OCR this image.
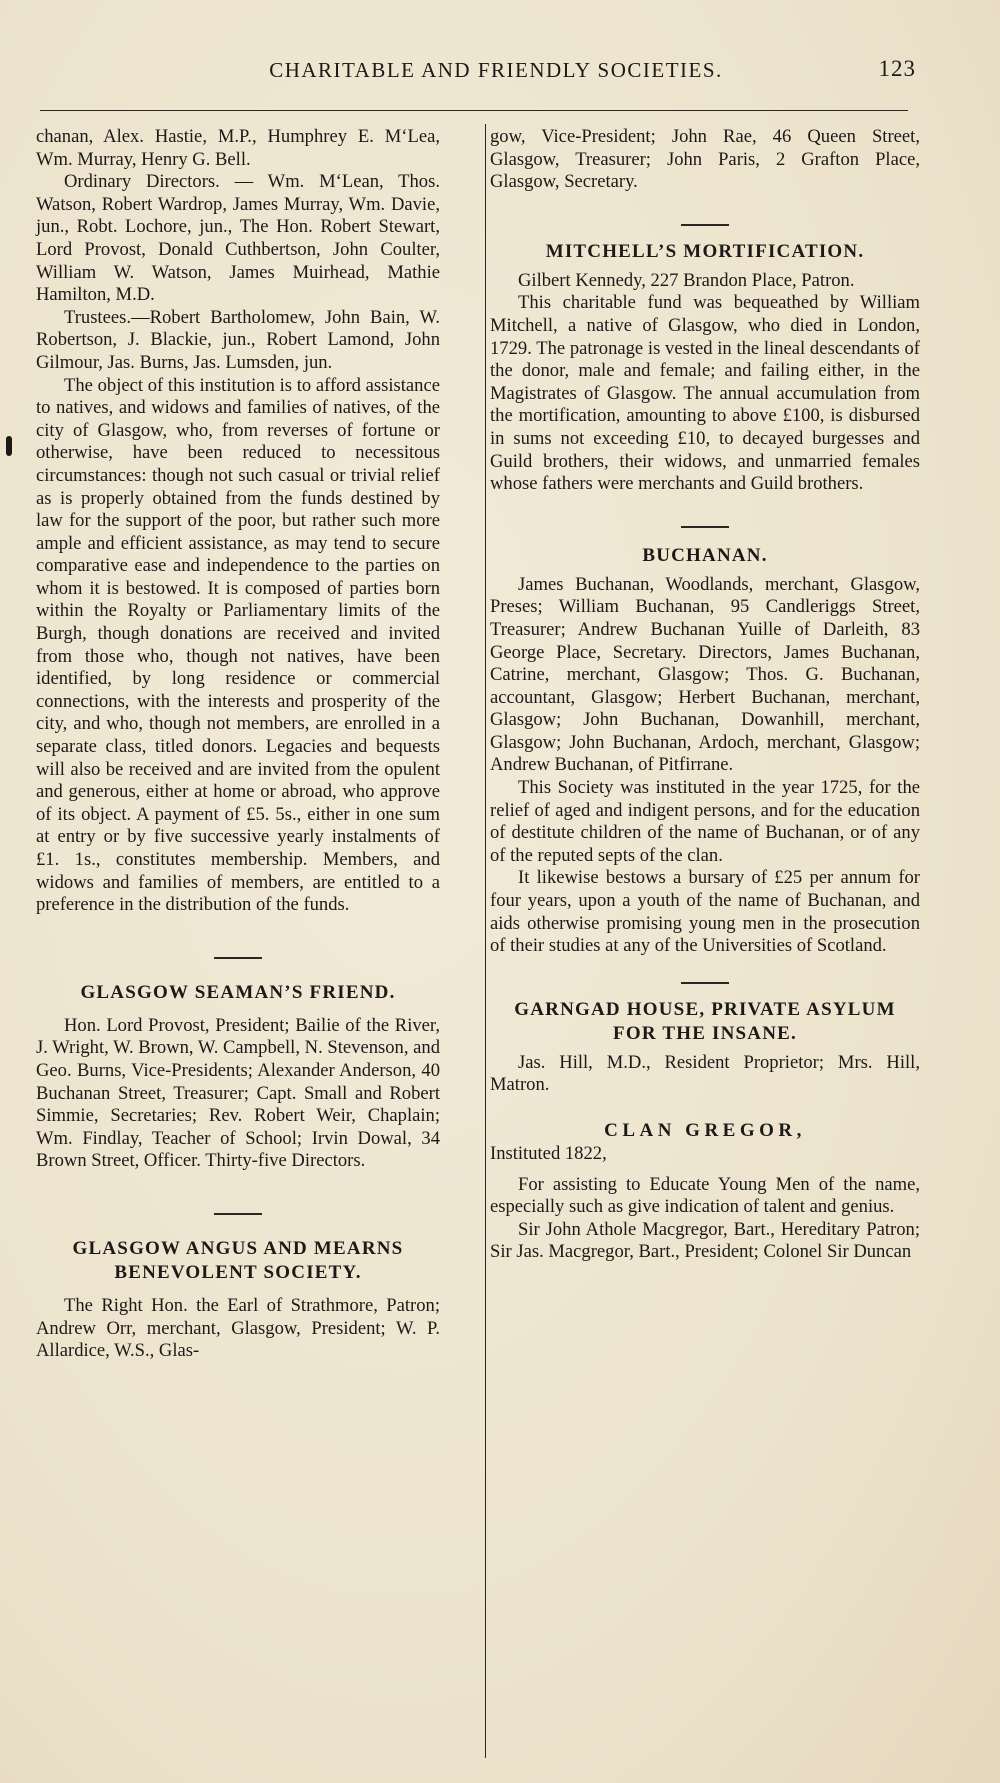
CHARITABLE AND FRIENDLY SOCIETIES.	123

chanan, Alex. Hastie, M.P., Humphrey E. M‘Lea, Wm. Murray, Henry G. Bell.

Ordinary Directors. — Wm. M‘Lean, Thos. Watson, Robert Wardrop, James Murray, Wm. Davie, jun., Robt. Lochore, jun., The Hon. Robert Stewart, Lord Provost, Donald Cuthbertson, John Coulter, William W. Watson, James Muirhead, Mathie Hamilton, M.D.

Trustees.—Robert Bartholomew, John Bain, W. Robertson, J. Blackie, jun., Robert Lamond, John Gilmour, Jas. Burns, Jas. Lumsden, jun.

The object of this institution is to afford assistance to natives, and widows and families of natives, of the city of Glasgow, who, from reverses of fortune or otherwise, have been reduced to necessitous circumstances: though not such casual or trivial relief as is properly obtained from the funds destined by law for the support of the poor, but rather such more ample and efficient assistance, as may tend to secure comparative ease and independence to the parties on whom it is bestowed. It is composed of parties born within the Royalty or Parliamentary limits of the Burgh, though donations are received and invited from those who, though not natives, have been identified, by long residence or commercial connections, with the interests and prosperity of the city, and who, though not members, are enrolled in a separate class, titled donors. Legacies and bequests will also be received and are invited from the opulent and generous, either at home or abroad, who approve of its object. A payment of £5. 5s., either in one sum at entry or by five successive yearly instalments of £1. 1s., constitutes membership. Members, and widows and families of members, are entitled to a preference in the distribution of the funds.

GLASGOW SEAMAN’S FRIEND.

Hon. Lord Provost, President; Bailie of the River, J. Wright, W. Brown, W. Campbell, N. Stevenson, and Geo. Burns, Vice-Presidents; Alexander Anderson, 40 Buchanan Street, Treasurer; Capt. Small and Robert Simmie, Secretaries; Rev. Robert Weir, Chaplain; Wm. Findlay, Teacher of School; Irvin Dowal, 34 Brown Street, Officer. Thirty-five Directors.

GLASGOW ANGUS AND MEARNS BENEVOLENT SOCIETY.

The Right Hon. the Earl of Strathmore, Patron; Andrew Orr, merchant, Glasgow, President; W. P. Allardice, W.S., Glas-

gow, Vice-President; John Rae, 46 Queen Street, Glasgow, Treasurer; John Paris, 2 Grafton Place, Glasgow, Secretary.

MITCHELL’S MORTIFICATION.

Gilbert Kennedy, 227 Brandon Place, Patron.

This charitable fund was bequeathed by William Mitchell, a native of Glasgow, who died in London, 1729. The patronage is vested in the lineal descendants of the donor, male and female; and failing either, in the Magistrates of Glasgow. The annual accumulation from the mortification, amounting to above £100, is disbursed in sums not exceeding £10, to decayed burgesses and Guild brothers, their widows, and unmarried females whose fathers were merchants and Guild brothers.

BUCHANAN.

James Buchanan, Woodlands, merchant, Glasgow, Preses; William Buchanan, 95 Candleriggs Street, Treasurer; Andrew Buchanan Yuille of Darleith, 83 George Place, Secretary. Directors, James Buchanan, Catrine, merchant, Glasgow; Thos. G. Buchanan, accountant, Glasgow; Herbert Buchanan, merchant, Glasgow; John Buchanan, Dowanhill, merchant, Glasgow; John Buchanan, Ardoch, merchant, Glasgow; Andrew Buchanan, of Pitfirrane.

This Society was instituted in the year 1725, for the relief of aged and indigent persons, and for the education of destitute children of the name of Buchanan, or of any of the reputed septs of the clan.

It likewise bestows a bursary of £25 per annum for four years, upon a youth of the name of Buchanan, and aids otherwise promising young men in the prosecution of their studies at any of the Universities of Scotland.

GARNGAD HOUSE, PRIVATE ASYLUM FOR THE INSANE.

Jas. Hill, M.D., Resident Proprietor; Mrs. Hill, Matron.

CLAN GREGOR,

Instituted 1822,

For assisting to Educate Young Men of the name, especially such as give indication of talent and genius.

Sir John Athole Macgregor, Bart., Hereditary Patron; Sir Jas. Macgregor, Bart., President; Colonel Sir Duncan
